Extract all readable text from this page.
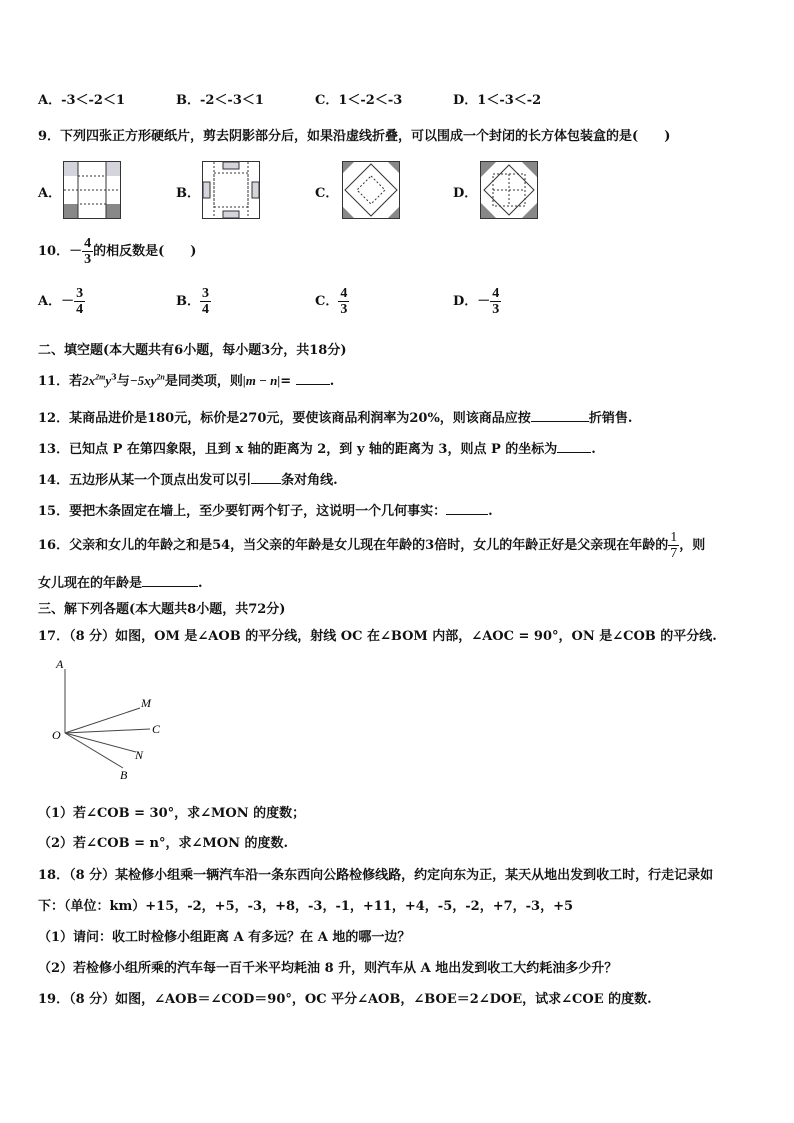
A．-3＜-2＜1	B．-2＜-3＜1	C．1＜-2＜-3	D．1＜-3＜-2
9．下列四张正方形硬纸片，剪去阴影部分后，如果沿虚线折叠，可以围成一个封闭的长方体包装盒的是(　　)
A．	B．	C．	D．
10．－ $\frac{4}{3}$ 的相反数是(　　)
A．－ $\frac{3}{4}$	B． $\frac{3}{4}$	C． $\frac{4}{3}$	D．－ $\frac{4}{3}$
二、填空题(本大题共有6小题，每小题3分，共18分)
11．若$2x^{2m}y^3$与$-5xy^{2n}$是同类项，则|m − n|=	.
12．某商品进价是180元，标价是270元，要使该商品利润率为20%，则该商品应按	折销售.
13．已知点 P 在第四象限，且到 x 轴的距离为 2，到 y 轴的距离为 3，则点 P 的坐标为	.
14．五边形从某一个顶点出发可以引 条对角线.
15．要把木条固定在墙上，至少要钉两个钉子，这说明一个几何事实：	.
16．父亲和女儿的年龄之和是54，当父亲的年龄是女儿现在年龄的3倍时，女儿的年龄正好是父亲现在年龄的 $\frac{1}{7}$ ，则
女儿现在的年龄是	.
三、解下列各题(本大题共8小题，共72分)
17．（8 分）如图，OM 是∠AOB 的平分线，射线 OC 在∠BOM 内部，∠AOC = 90°，ON 是∠COB 的平分线.
A
O
M
C
N
B
（1）若∠COB = 30°，求∠MON 的度数；
（2）若∠COB = n°，求∠MON 的度数.
18．（8 分）某检修小组乘一辆汽车沿一条东西向公路检修线路，约定向东为正，某天从地出发到收工时，行走记录如
下：（单位：km）+15，-2，+5，-3，+8，-3，-1，+11，+4，-5，-2，+7，-3，+5
（1）请问：收工时检修小组距离 A 有多远？在 A 地的哪一边？
（2）若检修小组所乘的汽车每一百千米平均耗油 8 升，则汽车从 A 地出发到收工大约耗油多少升？
19．（8 分）如图，∠AOB＝∠COD＝90°，OC 平分∠AOB，∠BOE＝2∠DOE，试求∠COE 的度数.
